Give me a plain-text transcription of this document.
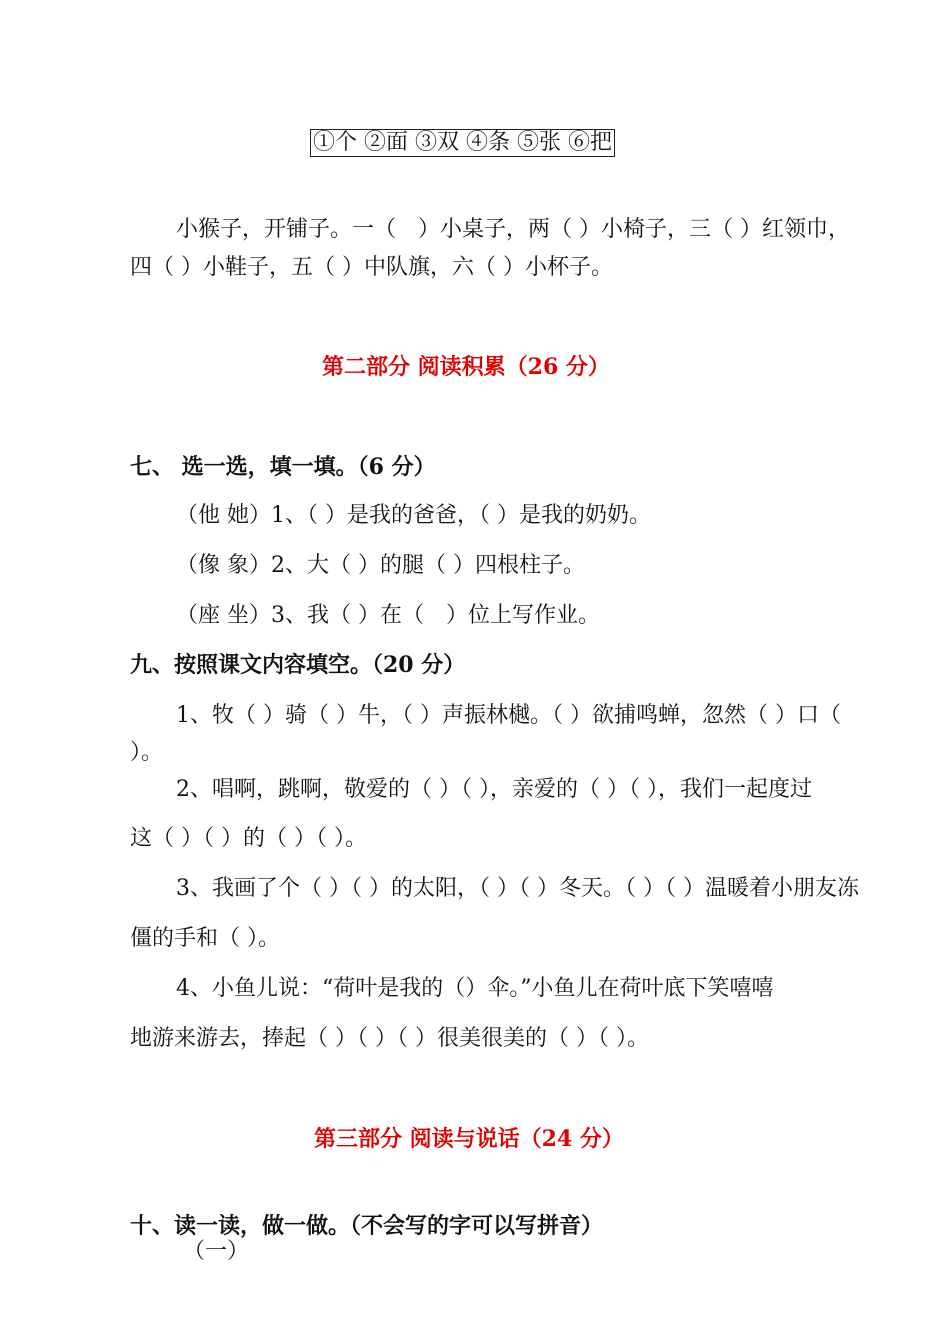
①个 ②面 ③双 ④条 ⑤张 ⑥把
小猴子，开铺子。一（　）小桌子，两（ ）小椅子，三（ ）红领巾，
四（ ）小鞋子，五（ ）中队旗，六（ ）小杯子。
第二部分 阅读积累（26 分）
七、 选一选，填一填。（6 分）
（他 她）1、（ ）是我的爸爸，（ ）是我的奶奶。
（像 象）2、大（ ）的腿（ ）四根柱子。
（座 坐）3、我（ ）在（　）位上写作业。
九、按照课文内容填空。（20 分）
1、牧（ ）骑（ ）牛，（ ）声振林樾。（ ）欲捕鸣蝉，忽然（ ）口（
）。
2、唱啊，跳啊，敬爱的（ ）（ ），亲爱的（ ）（ ），我们一起度过
这（ ）（ ）的（ ）（ ）。
3、我画了个（ ）（ ）的太阳，（ ）（ ）冬天。（ ）（ ）温暖着小朋友冻
僵的手和（ ）。
4、小鱼儿说：“荷叶是我的（）伞。”小鱼儿在荷叶底下笑嘻嘻
地游来游去，捧起（ ）（ ）（ ）很美很美的（ ）（ ）。
第三部分 阅读与说话（24 分）
十、读一读，做一做。（不会写的字可以写拼音）
（一）
